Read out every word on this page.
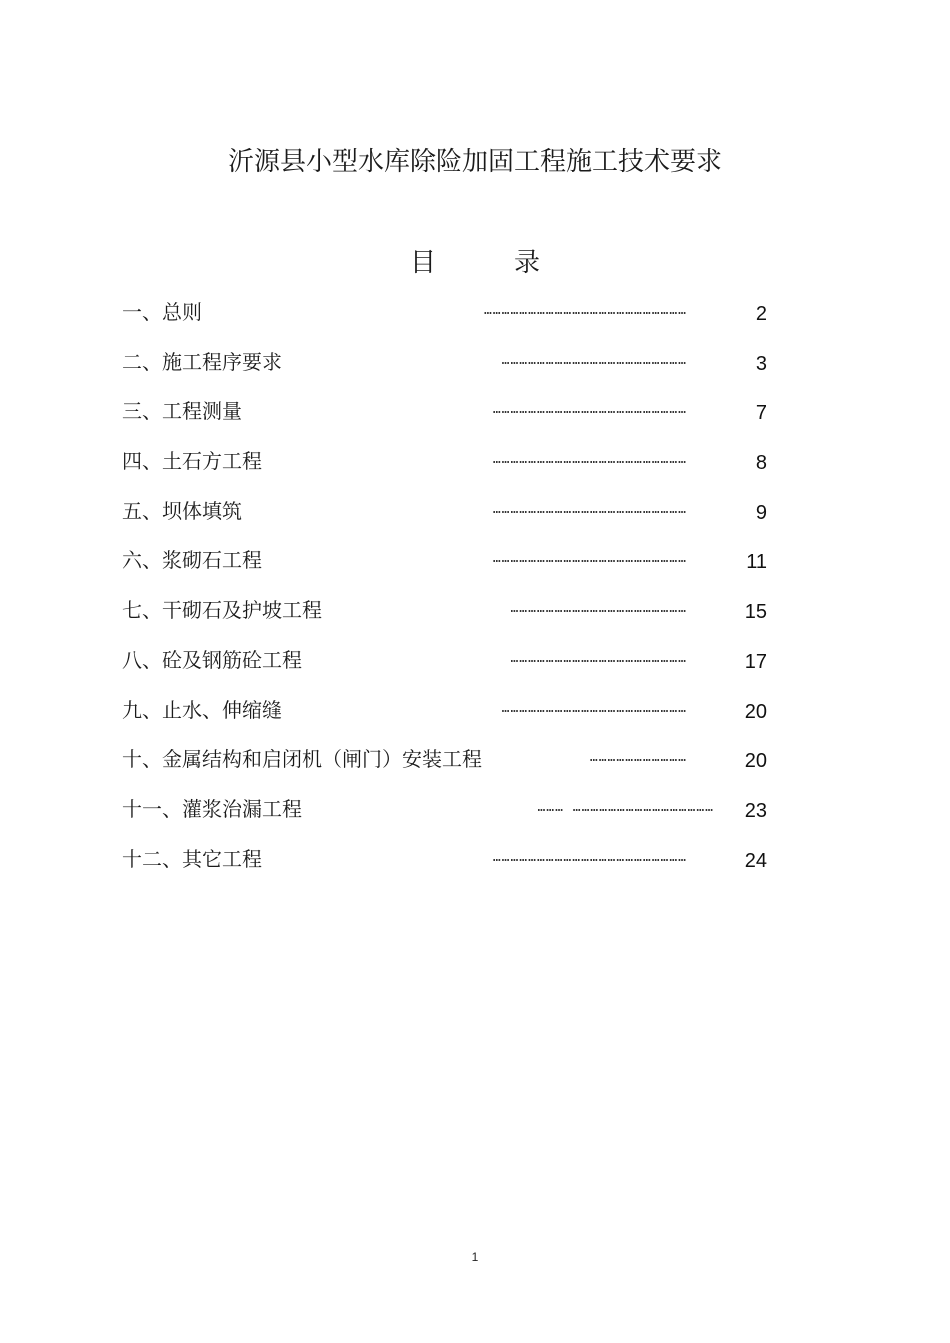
沂源县小型水库除险加固工程施工技术要求
目	录
一、总则	……………………………………………………………	2
二、施工程序要求	………………………………………………………	3
三、工程测量	…………………………………………………………	7
四、土石方工程	…………………………………………………………	8
五、坝体填筑	…………………………………………………………	9
六、浆砌石工程	…………………………………………………………	11
七、干砌石及护坡工程	……………………………………………………	15
八、砼及钢筋砼工程	……………………………………………………	17
九、止水、伸缩缝	………………………………………………………	20
十、金属结构和启闭机（闸门）安装工程	……………………………	20
十一、灌浆治漏工程	……… ………………………………………… 23
十二、其它工程	…………………………………………………………	24
1
